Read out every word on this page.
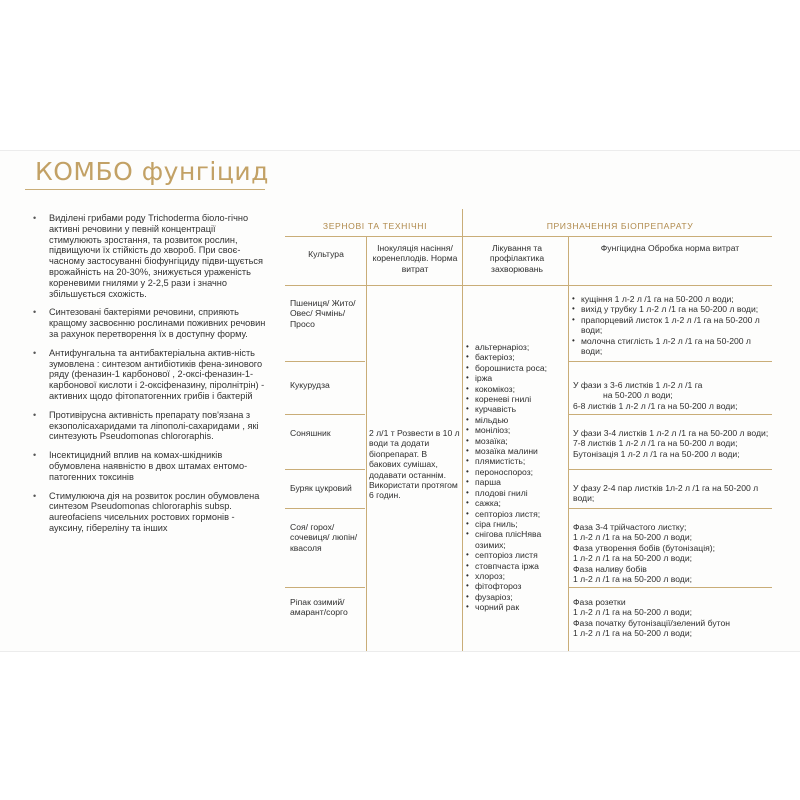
КОМБО фунгіцид
• Виділені грибами роду Trichoderma біоло-гічно активні речовини у певній концентрації стимулюють зростання, та розвиток рослин, підвищуючи їх стійкість до хвороб. При своє-часному застосуванні біофунгіциду підви-щується врожайність на 20-30%, знижується ураженість кореневими гнилями у 2-2,5 рази і значно збільшується схожість.
• Синтезовані бактеріями речовини, сприяють кращому засвоєнню рослинами поживних речовин за рахунок перетворення їх в доступну форму.
• Антифунгальна та антибактеріальна актив-ність зумовлена : синтезом антибіотиків фена-зинового ряду (феназин-1 карбонової , 2-оксі-феназин-1-карбонової кислоти і 2-оксіфеназину, піролнітрін) - активних щодо фітопатогенних грибів і бактерій
• Противірусна активність препарату пов'язана з екзополісахаридами та ліпополі-сахаридами , які синтезують Pseudomonas chlororaphis.
• Інсектицидний вплив на комах-шкідників обумовлена наявністю в двох штамах ентомо-патогенних токсинів
• Стимулюючa дія на розвиток рослин обумовлена синтезом Pseudomonas chlororaphis subsp. aureofaciens чисельних ростових гормонів - ауксину, гібереліну та інших
ЗЕРНОВІ ТА ТЕХНІЧНІ	ПРИЗНАЧЕННЯ БІОПРЕПАРАТУ
Культура
Інокуляція насіння/ коренеплодів. Норма витрат
Лікування та профілактика захворювань
Фунгіцидна Обробка норма витрат
Пшениця/ Жито/Овес/ Ячмінь/ Просо
Кукурудза
Соняшник
Буряк цукровий
Соя/ горох/ сочевиця/ люпін/квасоля
Ріпак озимий/ амарант/сорго
2 л/1 т Розвести в 10 л води та додати біопрепарат. В бакових сумішах, додавати останнім. Використати протягом 6 годин.
• альтернаріоз;
• бактеріоз;
• борошниста роса;
• іржа
• кокомікоз;
• кореневі гнилі
• курчавість
• мільдью
• моніліоз;
• мозаїка;
• мозаїка малини
• плямистість;
• пероноспороз;
• парша
• плодові гнилі
• сажка;
• септоріоз листя;
• сіра гниль;
• снігова плісНява озимих;
• септоріоз листя
• стовпчаста іржа
• хлороз;
• фітофтороз
• фузаріоз;
• чорний рак
• кущіння 1 л-2 л /1 га на 50-200 л води;
• вихід у трубку 1 л-2 л /1 га на 50-200 л води;
• прапорцевий листок 1 л-2 л /1 га на 50-200 л води;
• молочна стиглість 1 л-2 л /1 га на 50-200 л води;
У фази з 3-6 листків 1 л-2 л /1 га
на 50-200 л води;
6-8 листків 1 л-2 л /1 га на 50-200 л води;
У фази 3-4 листків 1 л-2 л /1 га на 50-200 л води;
7-8 листків 1 л-2 л /1 га на 50-200 л води;
Бутонізація 1 л-2 л /1 га на 50-200 л води;
У фазу 2-4 пар листків 1л-2 л /1 га на 50-200 л води;
Фаза 3-4 трійчастого листку;
1 л-2 л /1 га на 50-200 л води;
Фаза утворення бобів (бутонізація);
1 л-2 л /1 га на 50-200 л води;
Фаза наливу бобів
1 л-2 л /1 га на 50-200 л води;
Фаза розетки
1 л-2 л /1 га на 50-200 л води;
Фаза початку бутонізації/зелений бутон
1 л-2 л /1 га на 50-200 л води;
